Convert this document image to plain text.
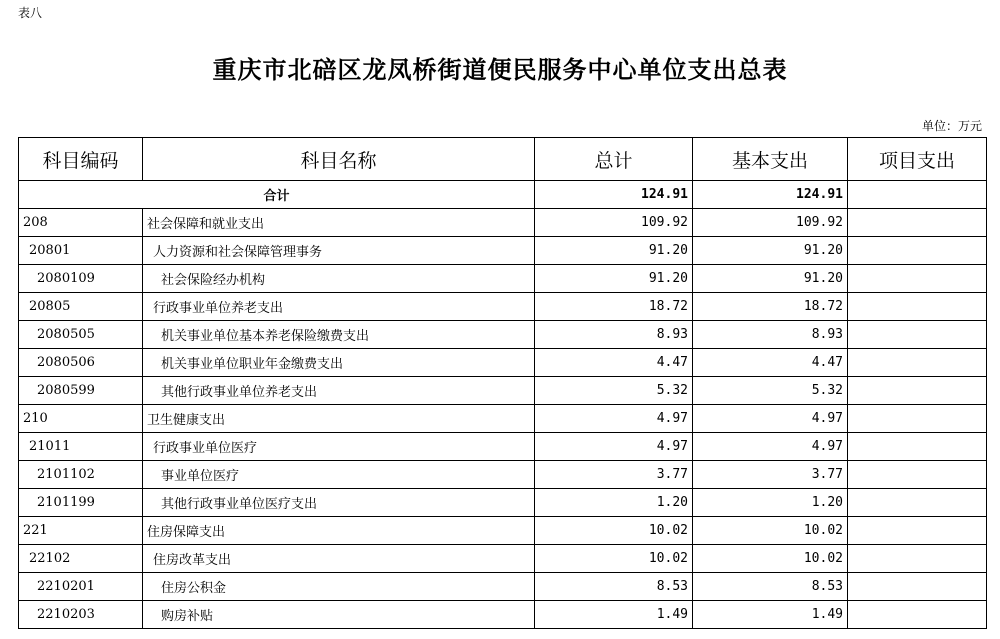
表八
重庆市北碚区龙凤桥街道便民服务中心单位支出总表
单位：万元
科目编码	科目名称	总计	基本支出	项目支出
合计		124.91	124.91	
208	社会保障和就业支出	109.92	109.92	
20801	人力资源和社会保障管理事务	91.20	91.20	
2080109	社会保险经办机构	91.20	91.20	
20805	行政事业单位养老支出	18.72	18.72	
2080505	机关事业单位基本养老保险缴费支出	8.93	8.93	
2080506	机关事业单位职业年金缴费支出	4.47	4.47	
2080599	其他行政事业单位养老支出	5.32	5.32	
210	卫生健康支出	4.97	4.97	
21011	行政事业单位医疗	4.97	4.97	
2101102	事业单位医疗	3.77	3.77	
2101199	其他行政事业单位医疗支出	1.20	1.20	
221	住房保障支出	10.02	10.02	
22102	住房改革支出	10.02	10.02	
2210201	住房公积金	8.53	8.53	
2210203	购房补贴	1.49	1.49	
